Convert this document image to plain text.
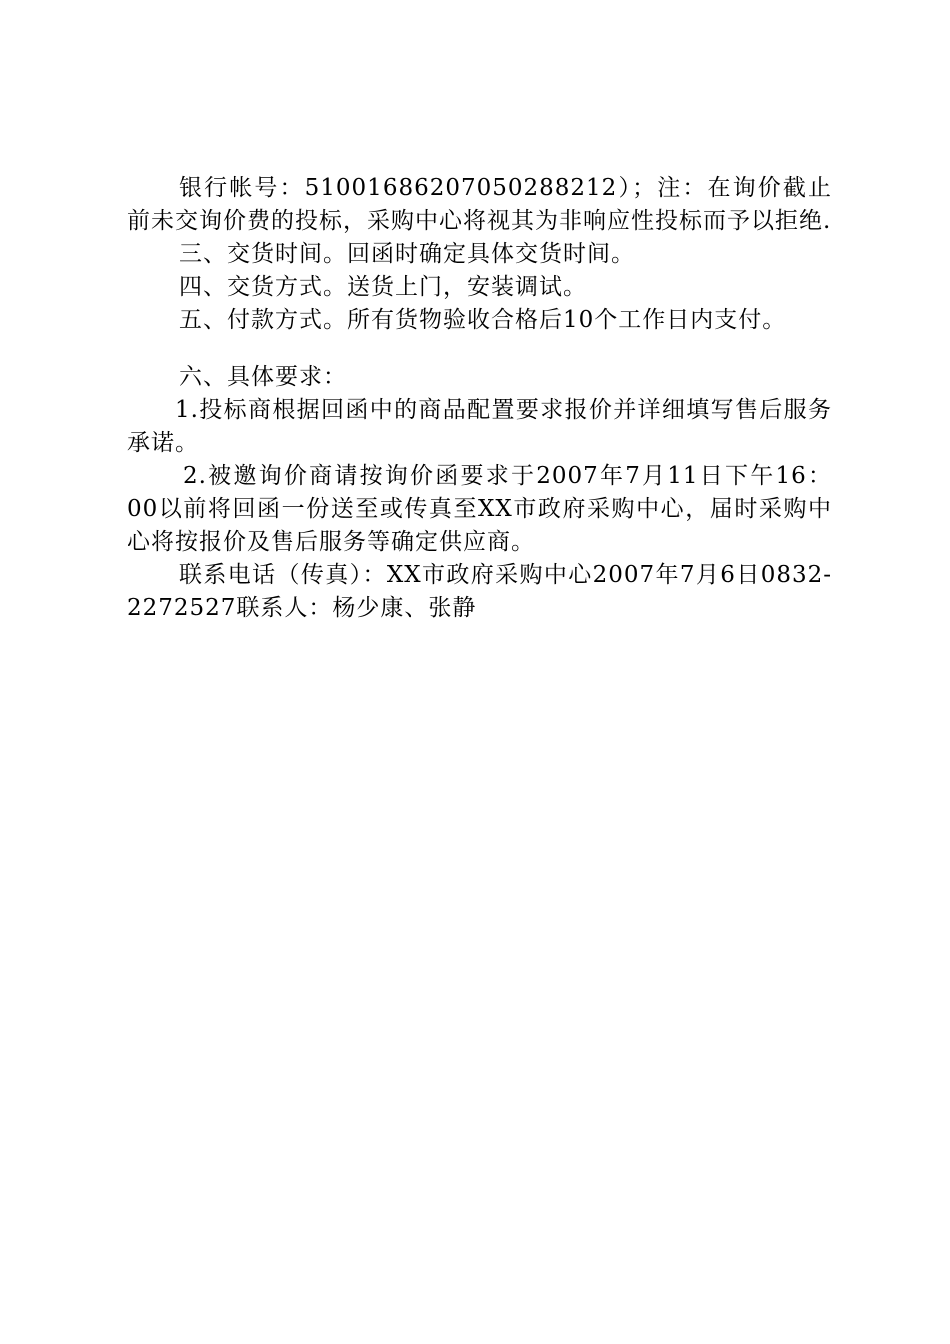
银行帐号：51001686207050288212）；注：在询价截止前未交询价费的投标，采购中心将视其为非响应性投标而予以拒绝.

三、交货时间。回函时确定具体交货时间。

四、交货方式。送货上门，安装调试。

五、付款方式。所有货物验收合格后10个工作日内支付。

六、具体要求：

1.投标商根据回函中的商品配置要求报价并详细填写售后服务承诺。

2.被邀询价商请按询价函要求于2007年7月11日下午16：00以前将回函一份送至或传真至XX市政府采购中心，届时采购中心将按报价及售后服务等确定供应商。

联系电话（传真）：XX市政府采购中心2007年7月6日0832-2272527联系人：杨少康、张静
